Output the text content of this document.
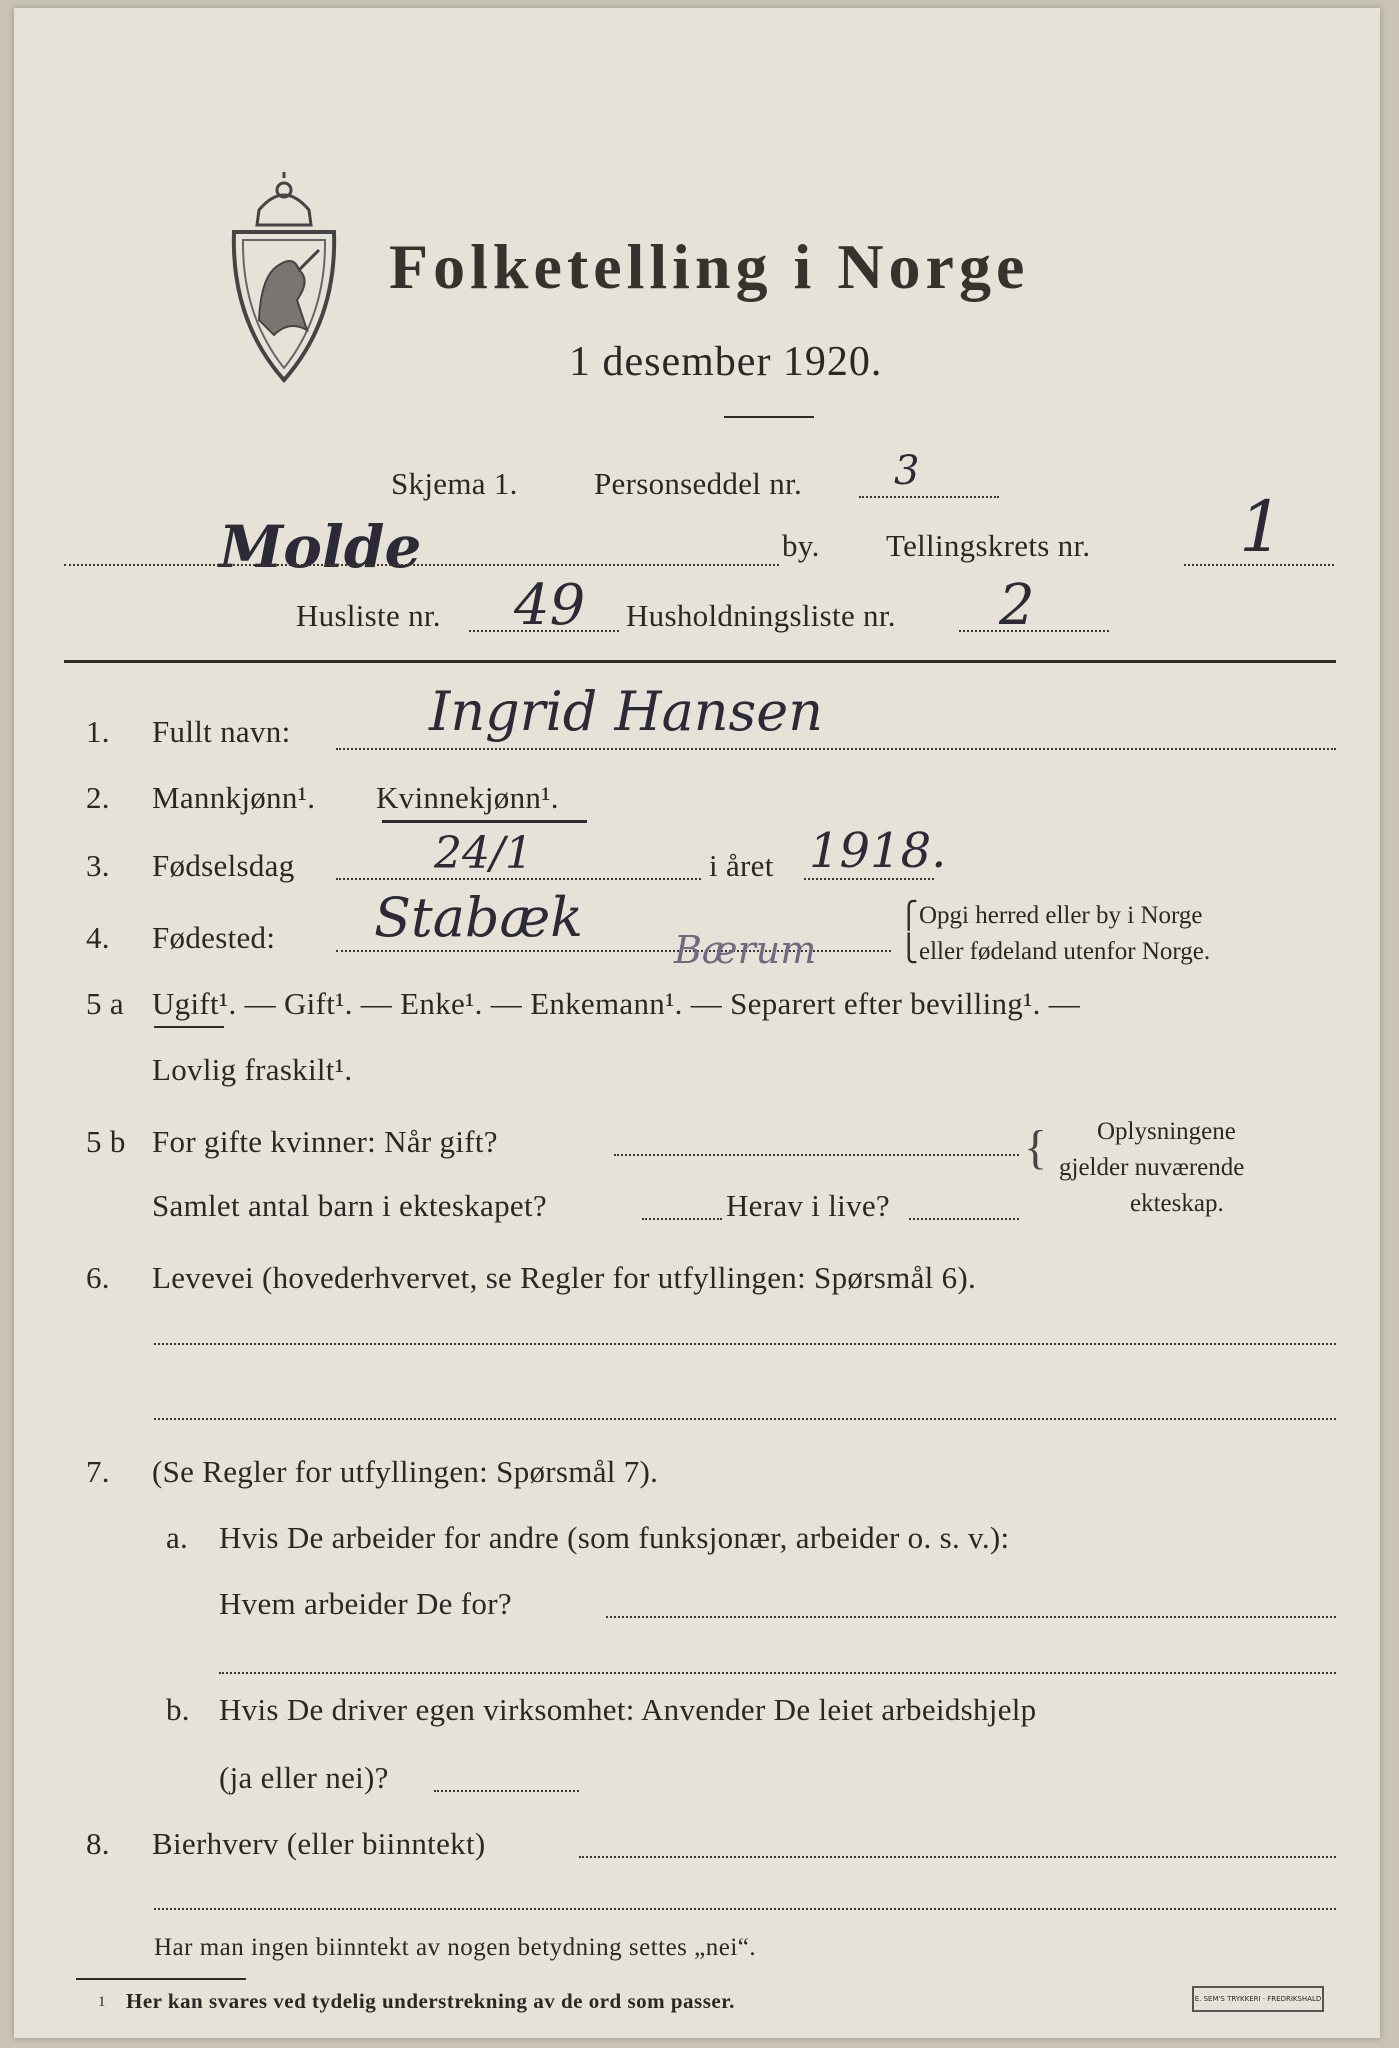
Folketelling i Norge
1 desember 1920.
Skjema 1. Personseddel nr. 3
Molde	by. Tellingskrets nr. 1
Husliste nr. 49 Husholdningsliste nr. 2
1. Fullt navn:	Ingrid Hansen
2. Mannkjønn¹. Kvinnekjønn¹.
3. Fødselsdag	24/1	i året 1918.
4. Fødested: Stabæk
Bærum
⎧
⎩
Opgi herred eller by i Norge
eller fødeland utenfor Norge.
5 a Ugift¹. — Gift¹. — Enke¹. — Enkemann¹. — Separert efter bevilling¹. —
Lovlig fraskilt¹.
5 b For gifte kvinner: Når gift?
Samlet antal barn i ekteskapet?	Herav i live?
{ Oplysningene
gjelder nuværende
ekteskap.
6. Levevei (hovederhvervet, se Regler for utfyllingen: Spørsmål 6).
7. (Se Regler for utfyllingen: Spørsmål 7).
a. Hvis De arbeider for andre (som funksjonær, arbeider o. s. v.):
Hvem arbeider De for?
b. Hvis De driver egen virksomhet: Anvender De leiet arbeidshjelp
(ja eller nei)?
8. Bierhverv (eller biinntekt)
Har man ingen biinntekt av nogen betydning settes „nei“.
1 Her kan svares ved tydelig understrekning av de ord som passer.	E. SEM'S TRYKKERI · FREDRIKSHALD
